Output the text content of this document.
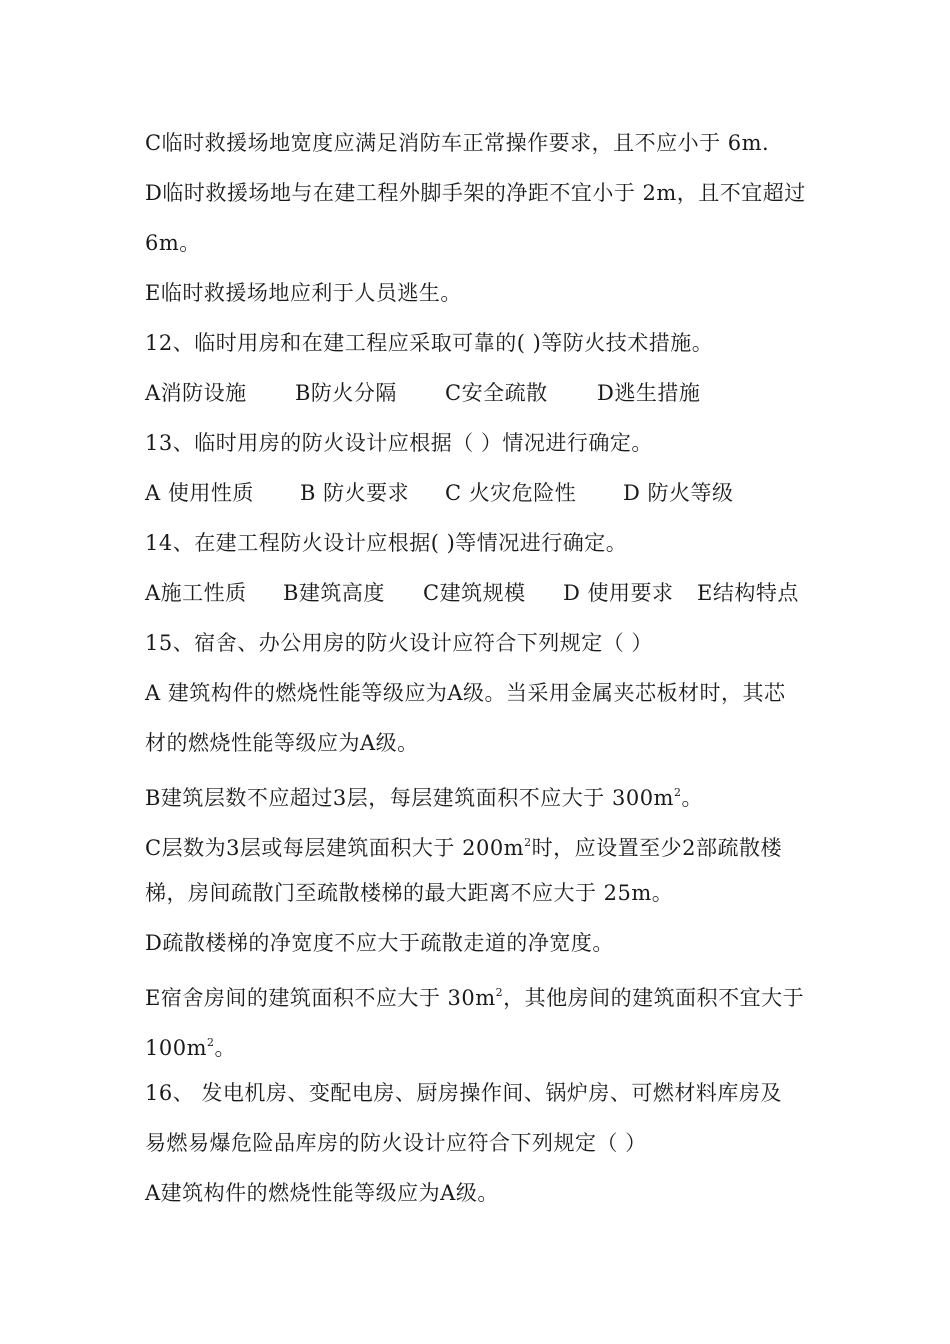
C临时救援场地宽度应满足消防车正常操作要求，且不应小于 6m.
D临时救援场地与在建工程外脚手架的净距不宜小于 2m，且不宜超过
6m。
E临时救援场地应利于人员逃生。
12、临时用房和在建工程应采取可靠的( )等防火技术措施。
A消防设施 B防火分隔 C安全疏散 D逃生措施
13、临时用房的防火设计应根据（ ）情况进行确定。
A 使用性质 B 防火要求 C 火灾危险性 D 防火等级
14、在建工程防火设计应根据( )等情况进行确定。
A施工性质 B建筑高度 C建筑规模 D 使用要求 E结构特点
15、宿舍、办公用房的防火设计应符合下列规定（ ）
A 建筑构件的燃烧性能等级应为A级。当采用金属夹芯板材时，其芯
材的燃烧性能等级应为A级。
B建筑层数不应超过3层，每层建筑面积不应大于 $300m^2$。
C层数为3层或每层建筑面积大于 $200m^2$时，应设置至少2部疏散楼
梯，房间疏散门至疏散楼梯的最大距离不应大于 25m。
D疏散楼梯的净宽度不应大于疏散走道的净宽度。
E宿舍房间的建筑面积不应大于 $30m^2$，其他房间的建筑面积不宜大于
$100m^2$。
16、 发电机房、变配电房、厨房操作间、锅炉房、可燃材料库房及
易燃易爆危险品库房的防火设计应符合下列规定（ ）
A建筑构件的燃烧性能等级应为A级。
